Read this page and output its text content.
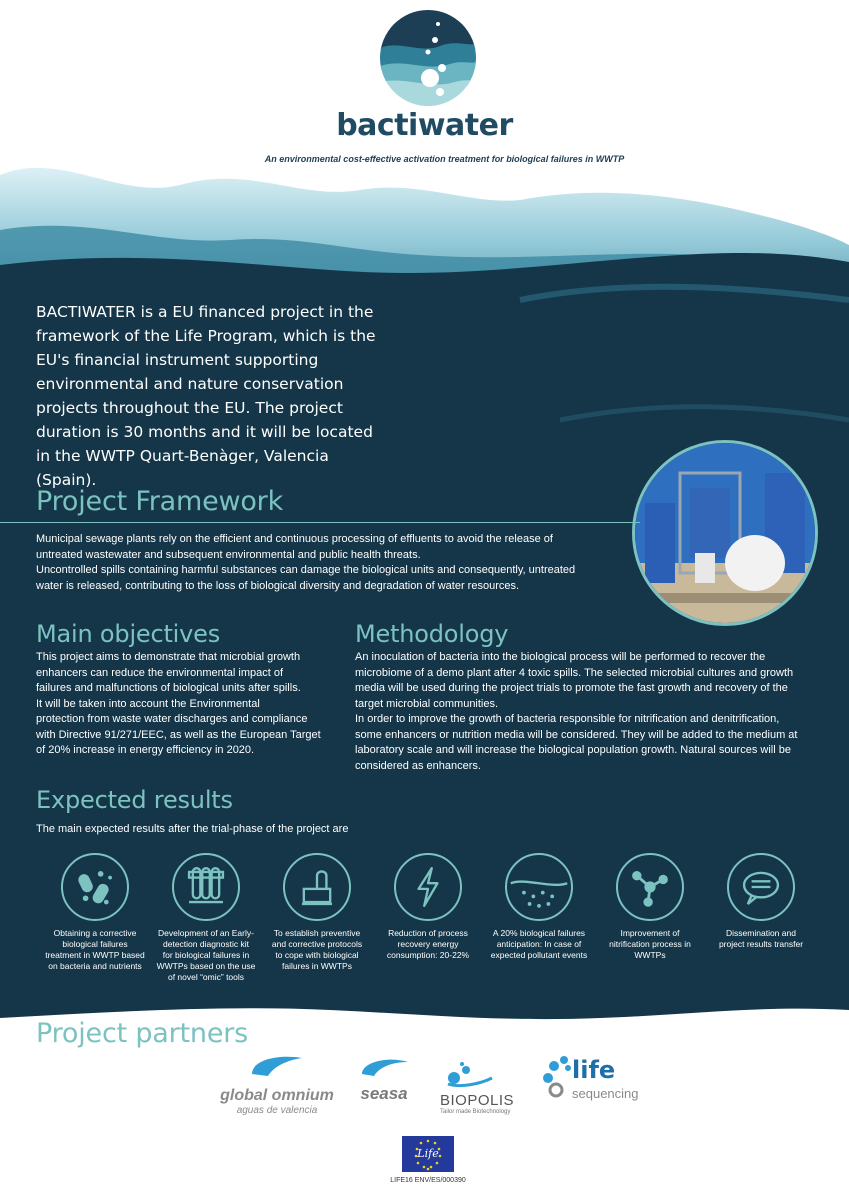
bactiwater
An environmental cost-effective activation treatment for biological failures in WWTP
BACTIWATER is a EU financed project in the framework of the Life Program, which is the EU's financial instrument supporting environmental and nature conservation projects throughout the EU. The project duration is 30 months and it will be located in the WWTP Quart-Benàger, Valencia (Spain).
Project Framework
Municipal sewage plants rely on the efficient and continuous processing of effluents to avoid the release of
untreated wastewater and subsequent environmental and public health threats.
Uncontrolled spills containing harmful substances can damage the biological units and consequently, untreated
water is released, contributing to the loss of biological diversity and degradation of water resources.
Main objectives
This project aims to demonstrate that microbial growth
enhancers can reduce the environmental impact of
failures and malfunctions of biological units after spills.
It will be taken into account the Environmental
protection from waste water discharges and compliance
with Directive 91/271/EEC, as well as the European Target
of 20% increase in energy efficiency in 2020.
Methodology
An inoculation of bacteria into the biological process will be performed to recover the
microbiome of a demo plant after 4 toxic spills. The selected microbial cultures and growth
media will be used during the project trials to promote the fast growth and recovery of the
target microbial communities.
In order to improve the growth of bacteria responsible for nitrification and denitrification,
some enhancers or nutrition media will be considered. They will be added to the medium at
laboratory scale and will increase the biological population growth. Natural sources will be
considered as enhancers.
Expected results
The main expected results after the trial-phase of the project are
Obtaining a corrective
biological failures
treatment in WWTP based
on bacteria and nutrients
Development of an Early-
detection diagnostic kit
for biological failures in
WWTPs based on the use
of novel “omic” tools
To establish preventive
and corrective protocols
to cope with biological
failures in WWTPs
Reduction of process
recovery energy
consumption: 20-22%
A 20% biological failures
anticipation: In case of
expected pollutant events
Improvement of
nitrification process in
WWTPs
Dissemination and
project results transfer
Project partners
global omnium
aguas de valencia
seasa	BIOPOLIS
Tailor made Biotechnology
life
sequencing
Life
LIFE16 ENV/ES/000390
